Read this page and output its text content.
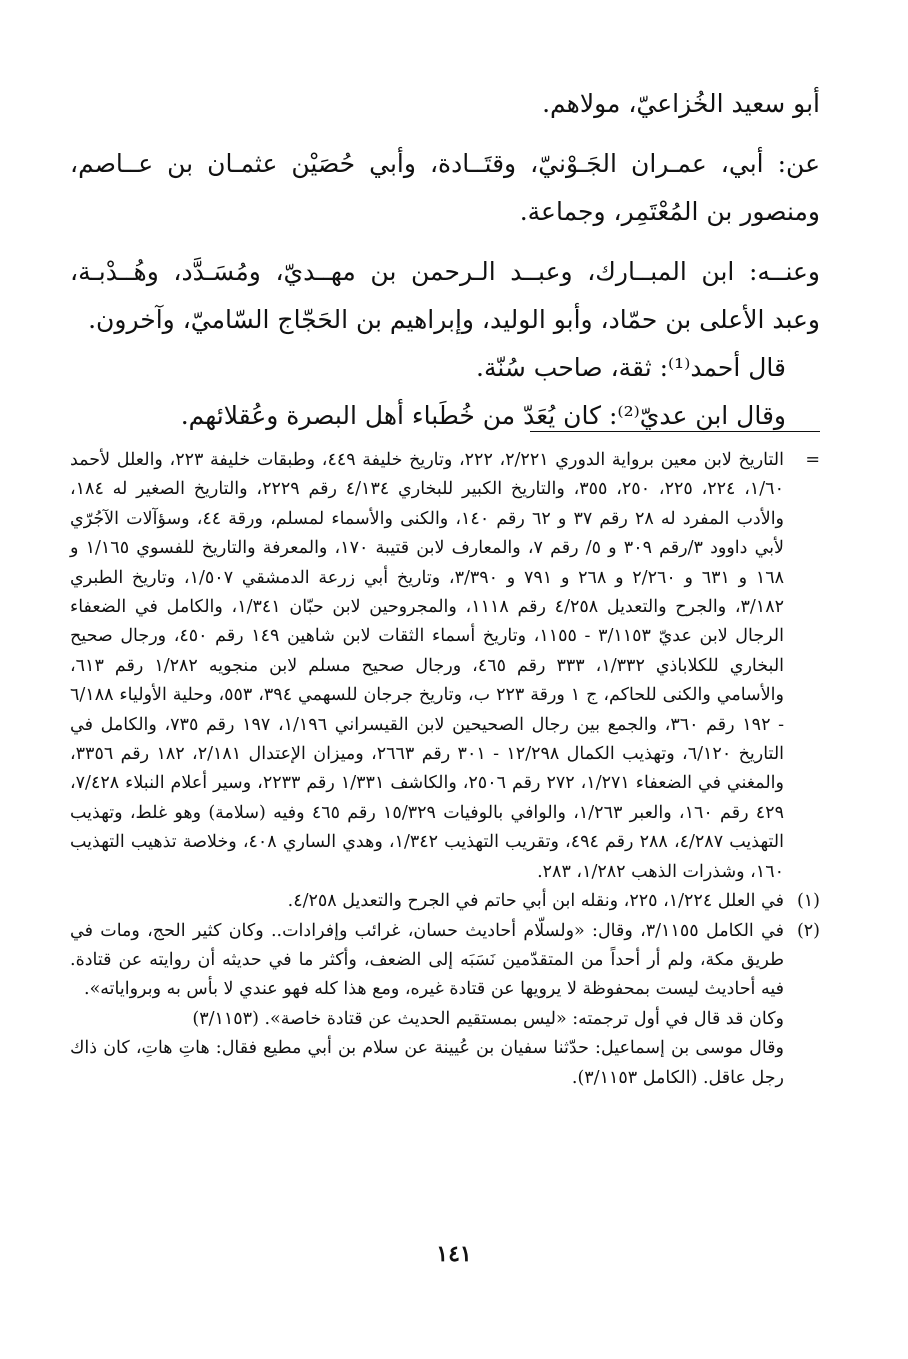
أبو سعيد الخُزاعيّ، مولاهم.

عن: أبي، عمـران الجَـوْنيّ، وقتَــادة، وأبي حُصَيْن عثمـان بن عــاصم، ومنصور بن المُعْتَمِر، وجماعة.

وعنــه: ابن المبــارك، وعبــد الـرحمن بن مهــديّ، ومُسَـدَّد، وهُــدْبـة، وعبد الأعلى بن حمّاد، وأبو الوليد، وإبراهيم بن الحَجّاج السّاميّ، وآخرون.

قال أحمد⁽¹⁾: ثقة، صاحب سُنّة.

وقال ابن عديّ⁽²⁾: كان يُعَدّ من خُطَباء أهل البصرة وعُقلائهم.

=
التاريخ لابن معين برواية الدوري ٢/٢٢١، ٢٢٢، وتاريخ خليفة ٤٤٩، وطبقات خليفة ٢٢٣، والعلل لأحمد ١/٦٠، ٢٢٤، ٢٢٥، ٢٥٠، ٣٥٥، والتاريخ الكبير للبخاري ٤/١٣٤ رقم ٢٢٢٩، والتاريخ الصغير له ١٨٤، والأدب المفرد له ٢٨ رقم ٣٧ و ٦٢ رقم ١٤٠، والكنى والأسماء لمسلم، ورقة ٤٤، وسؤآلات الآجُرّي لأبي داوود ٣/رقم ٣٠٩ و ٥/ رقم ٧، والمعارف لابن قتيبة ١٧٠، والمعرفة والتاريخ للفسوي ١/١٦٥ و ١٦٨ و ٦٣١ و ٢/٢٦٠ و ٢٦٨ و ٧٩١ و ٣/٣٩٠، وتاريخ أبي زرعة الدمشقي ١/٥٠٧، وتاريخ الطبري ٣/١٨٢، والجرح والتعديل ٤/٢٥٨ رقم ١١١٨، والمجروحين لابن حبّان ١/٣٤١، والكامل في الضعفاء الرجال لابن عديّ ٣/١١٥٣ - ١١٥٥، وتاريخ أسماء الثقات لابن شاهين ١٤٩ رقم ٤٥٠، ورجال صحيح البخاري للكلاباذي ١/٣٣٢، ٣٣٣ رقم ٤٦٥، ورجال صحيح مسلم لابن منجويه ١/٢٨٢ رقم ٦١٣، والأسامي والكنى للحاكم، ج ١ ورقة ٢٢٣ ب، وتاريخ جرجان للسهمي ٣٩٤، ٥٥٣، وحلية الأولياء ٦/١٨٨ - ١٩٢ رقم ٣٦٠، والجمع بين رجال الصحيحين لابن القيسراني ١/١٩٦، ١٩٧ رقم ٧٣٥، والكامل في التاريخ ٦/١٢٠، وتهذيب الكمال ١٢/٢٩٨ - ٣٠١ رقم ٢٦٦٣، وميزان الإعتدال ٢/١٨١، ١٨٢ رقم ٣٣٥٦، والمغني في الضعفاء ١/٢٧١، ٢٧٢ رقم ٢٥٠٦، والكاشف ١/٣٣١ رقم ٢٢٣٣، وسير أعلام النبلاء ٧/٤٢٨، ٤٢٩ رقم ١٦٠، والعبر ١/٢٦٣، والوافي بالوفيات ١٥/٣٢٩ رقم ٤٦٥ وفيه (سلامة) وهو غلط، وتهذيب التهذيب ٤/٢٨٧، ٢٨٨ رقم ٤٩٤، وتقريب التهذيب ١/٣٤٢، وهدي الساري ٤٠٨، وخلاصة تذهيب التهذيب ١٦٠، وشذرات الذهب ١/٢٨٢، ٢٨٣.
(١)
في العلل ١/٢٢٤، ٢٢٥، ونقله ابن أبي حاتم في الجرح والتعديل ٤/٢٥٨.
(٢)
في الكامل ٣/١١٥٥، وقال: «ولسلّام أحاديث حسان، غرائب وإفرادات.. وكان كثير الحج، ومات في طريق مكة، ولم أر أحداً من المتقدّمين نَسَبَه إلى الضعف، وأكثر ما في حديثه أن روايته عن قتادة. فيه أحاديث ليست بمحفوظة لا يرويها عن قتادة غيره، ومع هذا كله فهو عندي لا بأس به وبرواياته».
وكان قد قال في أول ترجمته: «ليس بمستقيم الحديث عن قتادة خاصة». (٣/١١٥٣)
وقال موسى بن إسماعيل: حدّثنا سفيان بن عُيينة عن سلام بن أبي مطيع فقال: هاتِ هاتِ، كان ذاك رجل عاقل. (الكامل ٣/١١٥٣).
١٤١
